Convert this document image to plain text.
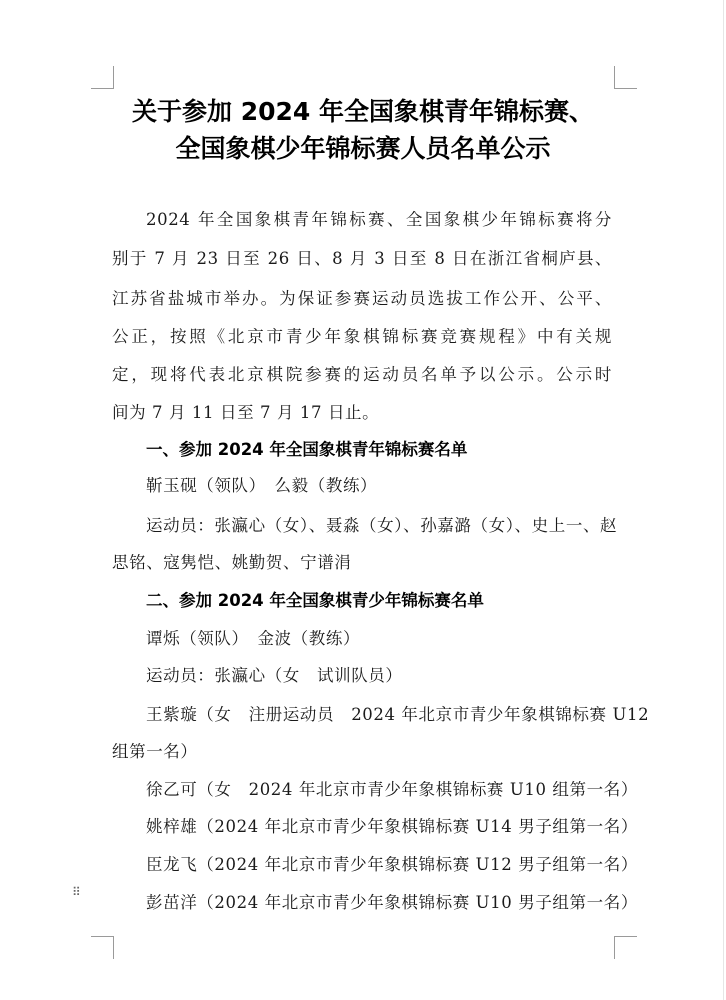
关于参加 2024 年全国象棋青年锦标赛、
全国象棋少年锦标赛人员名单公示
2024 年全国象棋青年锦标赛、全国象棋少年锦标赛将分
别于 7 月 23 日至 26 日、8 月 3 日至 8 日在浙江省桐庐县、
江苏省盐城市举办。为保证参赛运动员选拔工作公开、公平、
公正，按照《北京市青少年象棋锦标赛竞赛规程》中有关规
定，现将代表北京棋院参赛的运动员名单予以公示。公示时
间为 7 月 11 日至 7 月 17 日止。
一、参加 2024 年全国象棋青年锦标赛名单
靳玉砚（领队）　么毅（教练）
运动员：张瀛心（女）、聂淼（女）、孙嘉潞（女）、史上一、赵
思铭、寇隽恺、姚勤贺、宁谱涓
二、参加 2024 年全国象棋青少年锦标赛名单
谭烁（领队）　金波（教练）
运动员：张瀛心（女　试训队员）
王紫璇（女　注册运动员　2024 年北京市青少年象棋锦标赛 U12
组第一名）
徐乙可（女　2024 年北京市青少年象棋锦标赛 U10 组第一名）
姚梓雄（2024 年北京市青少年象棋锦标赛 U14 男子组第一名）
臣龙飞（2024 年北京市青少年象棋锦标赛 U12 男子组第一名）
彭茁洋（2024 年北京市青少年象棋锦标赛 U10 男子组第一名）
⠿
